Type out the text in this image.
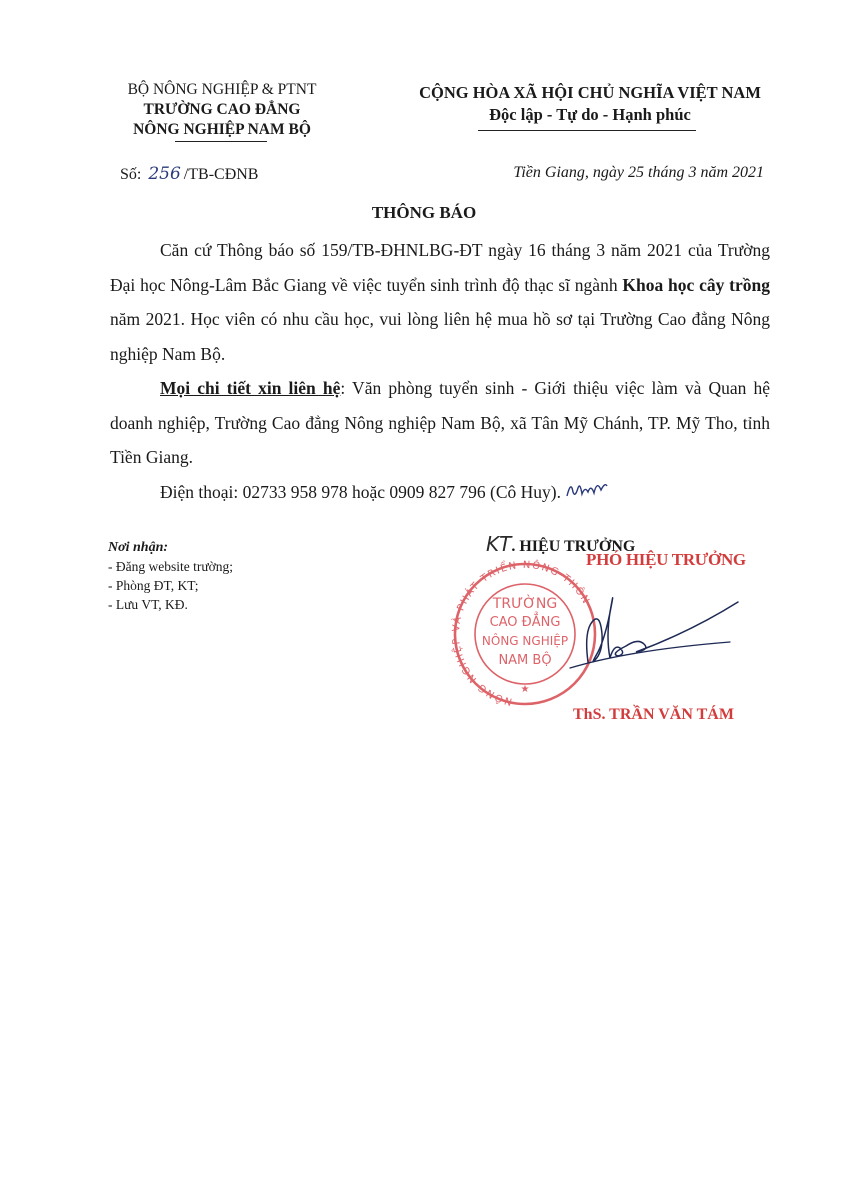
BỘ NÔNG NGHIỆP & PTNT
TRƯỜNG CAO ĐẲNG
NÔNG NGHIỆP NAM BỘ
CỘNG HÒA XÃ HỘI CHỦ NGHĨA VIỆT NAM
Độc lập - Tự do - Hạnh phúc
Số: 256 /TB-CĐNB	Tiền Giang, ngày 25 tháng 3 năm 2021
THÔNG BÁO

Căn cứ Thông báo số 159/TB-ĐHNLBG-ĐT ngày 16 tháng 3 năm 2021 của Trường Đại học Nông-Lâm Bắc Giang về việc tuyển sinh trình độ thạc sĩ ngành Khoa học cây trồng năm 2021. Học viên có nhu cầu học, vui lòng liên hệ mua hồ sơ tại Trường Cao đẳng Nông nghiệp Nam Bộ.

Mọi chi tiết xin liên hệ: Văn phòng tuyển sinh - Giới thiệu việc làm và Quan hệ doanh nghiệp, Trường Cao đẳng Nông nghiệp Nam Bộ, xã Tân Mỹ Chánh, TP. Mỹ Tho, tỉnh Tiền Giang.

Điện thoại: 02733 958 978 hoặc 0909 827 796 (Cô Huy).

Nơi nhận:
- Đăng website trường;
- Phòng ĐT, KT;
- Lưu VT, KĐ.
KT. HIỆU TRƯỞNG
PHÓ HIỆU TRƯỞNG
NÔNG NGHIỆP VÀ PHÁT TRIỂN NÔNG THÔN
TRƯỜNG
CAO ĐẲNG
NÔNG NGHIỆP
NAM BỘ
★
ThS. TRẦN VĂN TÁM
